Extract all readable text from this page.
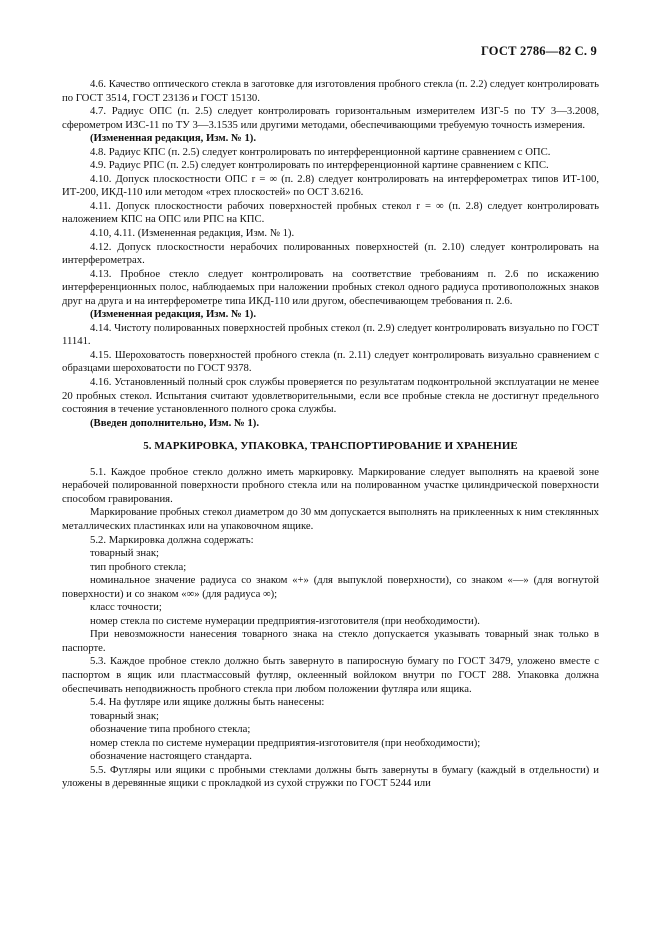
ГОСТ 2786—82 С. 9

4.6. Качество оптического стекла в заготовке для изготовления пробного стекла (п. 2.2) следует контролировать по ГОСТ 3514, ГОСТ 23136 и ГОСТ 15130.

4.7. Радиус ОПС (п. 2.5) следует контролировать горизонтальным измерителем ИЗГ-5 по ТУ 3—3.2008, сферометром ИЗС-11 по ТУ 3—3.1535 или другими методами, обеспечивающими требуемую точность измерения.

(Измененная редакция, Изм. № 1).

4.8. Радиус КПС (п. 2.5) следует контролировать по интерференционной картине сравнением с ОПС.

4.9. Радиус РПС (п. 2.5) следует контролировать по интерференционной картине сравнением с КПС.

4.10. Допуск плоскостности ОПС r = ∞ (п. 2.8) следует контролировать на интерферометрах типов ИТ-100, ИТ-200, ИКД-110 или методом «трех плоскостей» по ОСТ 3.6216.

4.11. Допуск плоскостности рабочих поверхностей пробных стекол r = ∞ (п. 2.8) следует контролировать наложением КПС на ОПС или РПС на КПС.

4.10, 4.11. (Измененная редакция, Изм. № 1).

4.12. Допуск плоскостности нерабочих полированных поверхностей (п. 2.10) следует контролировать на интерферометрах.

4.13. Пробное стекло следует контролировать на соответствие требованиям п. 2.6 по искажению интерференционных полос, наблюдаемых при наложении пробных стекол одного радиуса противоположных знаков друг на друга и на интерферометре типа ИКД-110 или другом, обеспечивающем требования п. 2.6.

(Измененная редакция, Изм. № 1).

4.14. Чистоту полированных поверхностей пробных стекол (п. 2.9) следует контролировать визуально по ГОСТ 11141.

4.15. Шероховатость поверхностей пробного стекла (п. 2.11) следует контролировать визуально сравнением с образцами шероховатости по ГОСТ 9378.

4.16. Установленный полный срок службы проверяется по результатам подконтрольной эксплуатации не менее 20 пробных стекол. Испытания считают удовлетворительными, если все пробные стекла не достигнут предельного состояния в течение установленного полного срока службы.

(Введен дополнительно, Изм. № 1).

5. МАРКИРОВКА, УПАКОВКА, ТРАНСПОРТИРОВАНИЕ И ХРАНЕНИЕ

5.1. Каждое пробное стекло должно иметь маркировку. Маркирование следует выполнять на краевой зоне нерабочей полированной поверхности пробного стекла или на полированном участке цилиндрической поверхности способом гравирования.

Маркирование пробных стекол диаметром до 30 мм допускается выполнять на приклеенных к ним стеклянных металлических пластинках или на упаковочном ящике.

5.2. Маркировка должна содержать:

товарный знак;

тип пробного стекла;

номинальное значение радиуса со знаком «+» (для выпуклой поверхности), со знаком «—» (для вогнутой поверхности) и со знаком «∞» (для радиуса ∞);

класс точности;

номер стекла по системе нумерации предприятия-изготовителя (при необходимости).

При невозможности нанесения товарного знака на стекло допускается указывать товарный знак только в паспорте.

5.3. Каждое пробное стекло должно быть завернуто в папиросную бумагу по ГОСТ 3479, уложено вместе с паспортом в ящик или пластмассовый футляр, оклеенный войлоком внутри по ГОСТ 288. Упаковка должна обеспечивать неподвижность пробного стекла при любом положении футляра или ящика.

5.4. На футляре или ящике должны быть нанесены:

товарный знак;

обозначение типа пробного стекла;

номер стекла по системе нумерации предприятия-изготовителя (при необходимости);

обозначение настоящего стандарта.

5.5. Футляры или ящики с пробными стеклами должны быть завернуты в бумагу (каждый в отдельности) и уложены в деревянные ящики с прокладкой из сухой стружки по ГОСТ 5244 или
